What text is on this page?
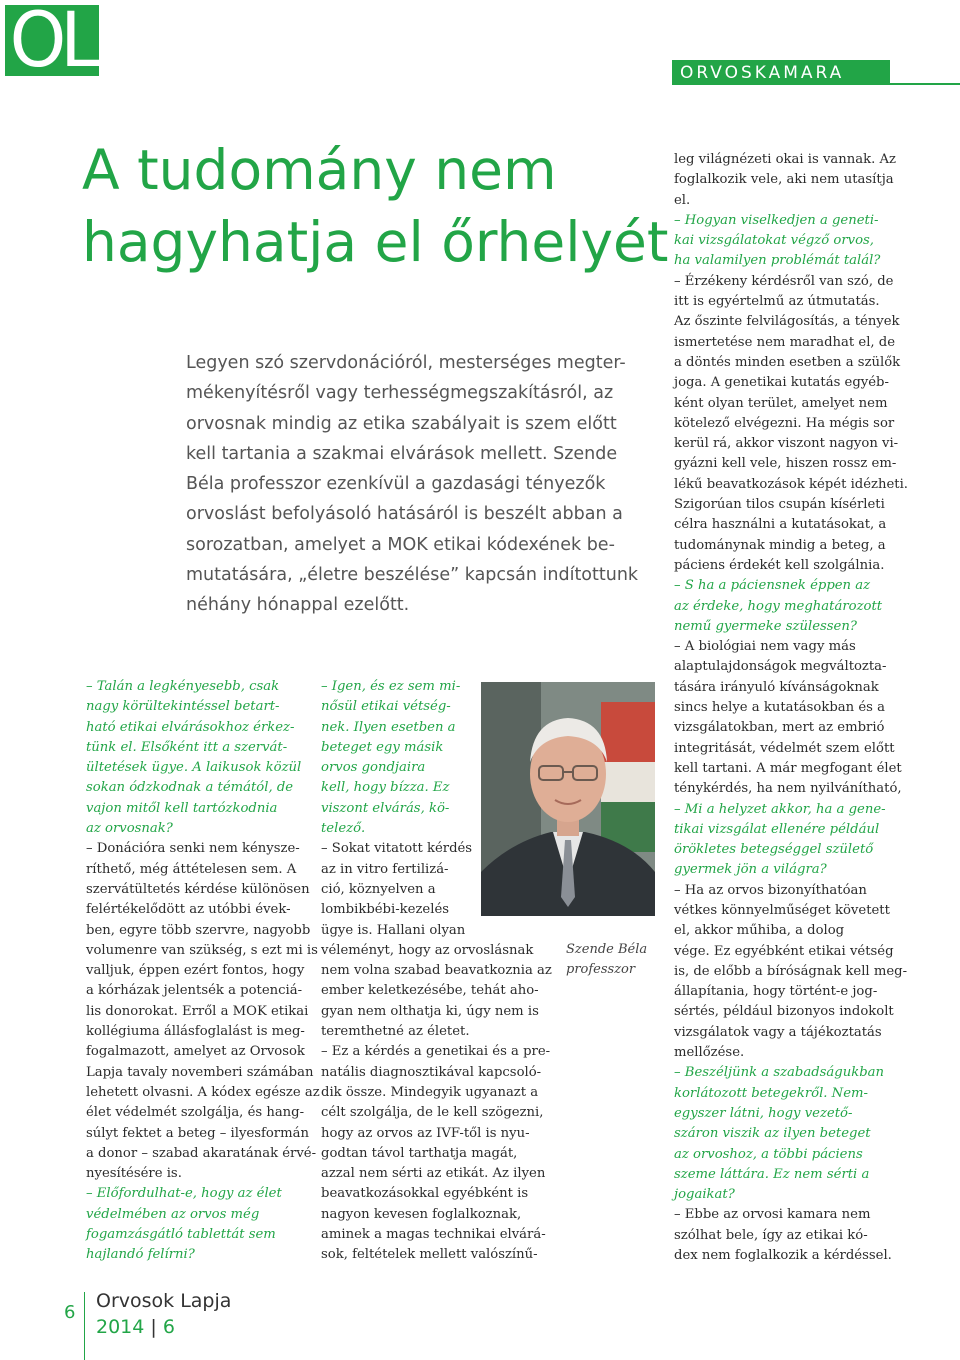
OL	ORVOSKAMARA
A tudomány nem
hagyhatja el őrhelyét
Legyen szó szervdonációról, mesterséges megter-
mékenyítésről vagy terhességmegszakításról, az
orvosnak mindig az etika szabályait is szem előtt
kell tartania a szakmai elvárások mellett. Szende
Béla professzor ezenkívül a gazdasági tényezők
orvoslást befolyásoló hatásáról is beszélt abban a
sorozatban, amelyet a MOK etikai kódexének be-
mutatására, „életre beszélése” kapcsán indítottunk
néhány hónappal ezelőtt.
– Talán a legkényesebb, csak
nagy körültekintéssel betart-
ható etikai elvárásokhoz érkez-
tünk el. Elsőként itt a szervát-
ültetések ügye. A laikusok közül
sokan ódzkodnak a témától, de
vajon mitől kell tartózkodnia
az orvosnak?
– Donációra senki nem kénysze-
ríthető, még áttételesen sem. A
szervátültetés kérdése különösen
felértékelődött az utóbbi évek-
ben, egyre több szervre, nagyobb
volumenre van szükség, s ezt mi is
valljuk, éppen ezért fontos, hogy
a kórházak jelentsék a potenciá-
lis donorokat. Erről a MOK etikai
kollégiuma állásfoglalást is meg-
fogalmazott, amelyet az Orvosok
Lapja tavaly novemberi számában
lehetett olvasni. A kódex egésze az
élet védelmét szolgálja, és hang-
súlyt fektet a beteg – ilyesformán
a donor – szabad akaratának érvé-
nyesítésére is.
– Előfordulhat-e, hogy az élet
védelmében az orvos még
fogamzásgátló tablettát sem
hajlandó felírni?
– Igen, és ez sem mi-
nősül etikai vétség-
nek. Ilyen esetben a
beteget egy másik
orvos gondjaira
kell, hogy bízza. Ez
viszont elvárás, kö-
telező.
– Sokat vitatott kérdés
az in vitro fertilizá-
ció, köznyelven a
lombikbébi-kezelés
ügye is. Hallani olyan
véleményt, hogy az orvoslásnak
nem volna szabad beavatkoznia az
ember keletkezésébe, tehát aho-
gyan nem olthatja ki, úgy nem is
teremthetné az életet.
– Ez a kérdés a genetikai és a pre-
natális diagnosztikával kapcsoló-
dik össze. Mindegyik ugyanazt a
célt szolgálja, de le kell szögezni,
hogy az orvos az IVF-től is nyu-
godtan távol tarthatja magát,
azzal nem sérti az etikát. Az ilyen
beavatkozásokkal egyébként is
nagyon kevesen foglalkoznak,
aminek a magas technikai elvárá-
sok, feltételek mellett valószínű-
leg világnézeti okai is vannak. Az
foglalkozik vele, aki nem utasítja
el.
– Hogyan viselkedjen a geneti-
kai vizsgálatokat végző orvos,
ha valamilyen problémát talál?
– Érzékeny kérdésről van szó, de
itt is egyértelmű az útmutatás.
Az őszinte felvilágosítás, a tények
ismertetése nem maradhat el, de
a döntés minden esetben a szülők
joga. A genetikai kutatás egyéb-
ként olyan terület, amelyet nem
kötelező elvégezni. Ha mégis sor
kerül rá, akkor viszont nagyon vi-
gyázni kell vele, hiszen rossz em-
lékű beavatkozások képét idézheti.
Szigorúan tilos csupán kísérleti
célra használni a kutatásokat, a
tudománynak mindig a beteg, a
páciens érdekét kell szolgálnia.
– S ha a páciensnek éppen az
az érdeke, hogy meghatározott
nemű gyermeke szülessen?
– A biológiai nem vagy más
alaptulajdonságok megváltozta-
tására irányuló kívánságoknak
sincs helye a kutatásokban és a
vizsgálatokban, mert az embrió
integritását, védelmét szem előtt
kell tartani. A már megfogant élet
ténykérdés, ha nem nyilvánítható,
– Mi a helyzet akkor, ha a gene-
tikai vizsgálat ellenére például
örökletes betegséggel születő
gyermek jön a világra?
– Ha az orvos bizonyíthatóan
vétkes könnyelműséget követett
el, akkor műhiba, a dolog
vége. Ez egyébként etikai vétség
is, de előbb a bíróságnak kell meg-
állapítania, hogy történt-e jog-
sértés, például bizonyos indokolt
vizsgálatok vagy a tájékoztatás
mellőzése.
– Beszéljünk a szabadságukban
korlátozott betegekről. Nem-
egyszer látni, hogy vezető-
száron viszik az ilyen beteget
az orvoshoz, a többi páciens
szeme láttára. Ez nem sérti a
jogaikat?
– Ebbe az orvosi kamara nem
szólhat bele, így az etikai kó-
dex nem foglalkozik a kérdéssel.
Szende Béla
professzor
6
Orvosok Lapja
2014 | 6
